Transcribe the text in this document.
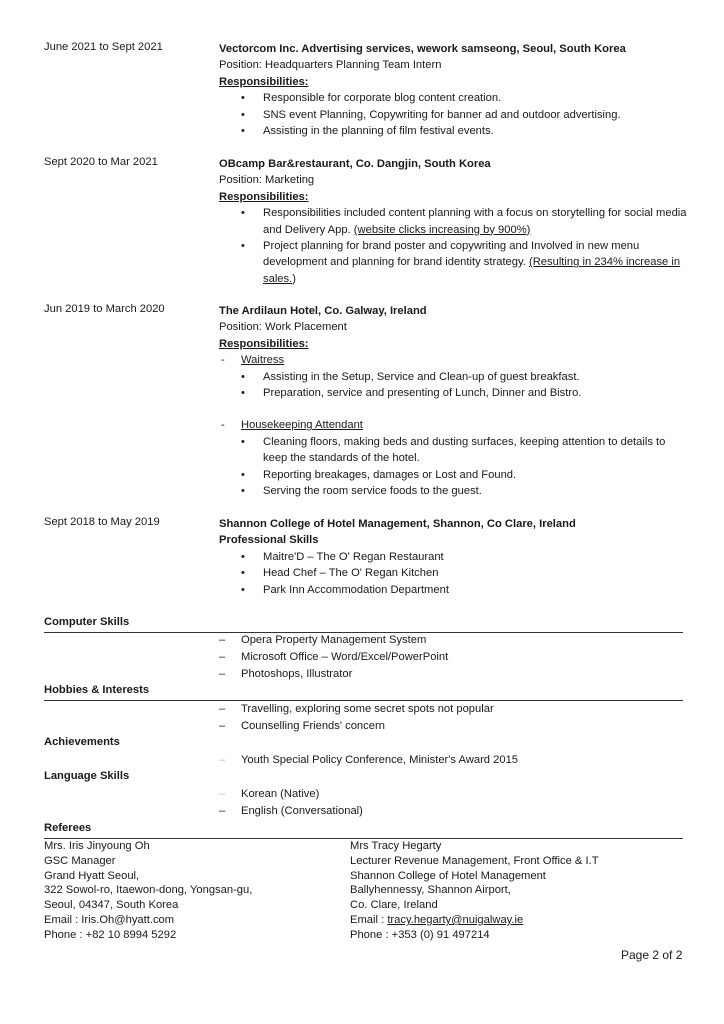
June 2021 to Sept 2021	Vectorcom Inc. Advertising services, wework samseong, Seoul, South Korea
Position: Headquarters Planning Team Intern
Responsibilities:
• Responsible for corporate blog content creation.
• SNS event Planning, Copywriting for banner ad and outdoor advertising.
• Assisting in the planning of film festival events.
Sept 2020 to Mar 2021	OBcamp Bar&restaurant, Co. Dangjin, South Korea
Position: Marketing
Responsibilities:
• Responsibilities included content planning with a focus on storytelling for social media and Delivery App. (website clicks increasing by 900%)
• Project planning for brand poster and copywriting and Involved in new menu development and planning for brand identity strategy. (Resulting in 234% increase in sales.)
Jun 2019 to March 2020	The Ardilaun Hotel, Co. Galway, Ireland
Position: Work Placement
Responsibilities:
- Waitress
• Assisting in the Setup, Service and Clean-up of guest breakfast.
• Preparation, service and presenting of Lunch, Dinner and Bistro.
- Housekeeping Attendant
• Cleaning floors, making beds and dusting surfaces, keeping attention to details to keep the standards of the hotel.
• Reporting breakages, damages or Lost and Found.
• Serving the room service foods to the guest.
Sept 2018 to May 2019	Shannon College of Hotel Management, Shannon, Co Clare, Ireland
Professional Skills
• Maitre'D – The O' Regan Restaurant
• Head Chef – The O' Regan Kitchen
• Park Inn Accommodation Department
Computer Skills
– Opera Property Management System
– Microsoft Office – Word/Excel/PowerPoint
– Photoshops, Illustrator
Hobbies & Interests
– Travelling, exploring some secret spots not popular
– Counselling Friends' concern
Achievements
– Youth Special Policy Conference, Minister's Award 2015
Language Skills
– Korean (Native)
– English (Conversational)
Referees
Mrs. Iris Jinyoung Oh
GSC Manager
Grand Hyatt Seoul,
322 Sowol-ro, Itaewon-dong, Yongsan-gu,
Seoul, 04347, South Korea
Email : Iris.Oh@hyatt.com
Phone : +82 10 8994 5292
Mrs Tracy Hegarty
Lecturer Revenue Management, Front Office & I.T
Shannon College of Hotel Management
Ballyhennessy, Shannon Airport,
Co. Clare, Ireland
Email : tracy.hegarty@nuigalway.ie
Phone : +353 (0) 91 497214
Page 2 of 2
